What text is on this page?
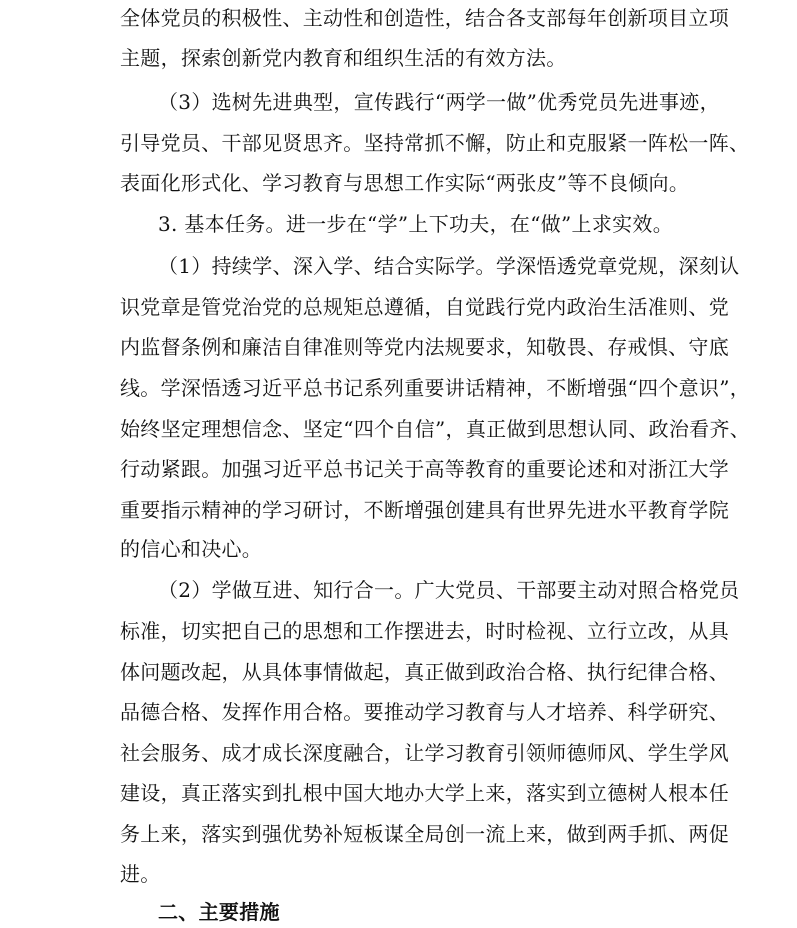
全体党员的积极性、主动性和创造性，结合各支部每年创新项目立项
主题，探索创新党内教育和组织生活的有效方法。
（3）选树先进典型，宣传践行“两学一做”优秀党员先进事迹，
引导党员、干部见贤思齐。坚持常抓不懈，防止和克服紧一阵松一阵、
表面化形式化、学习教育与思想工作实际“两张皮”等不良倾向。
3. 基本任务。进一步在“学”上下功夫，在“做”上求实效。
（1）持续学、深入学、结合实际学。学深悟透党章党规，深刻认
识党章是管党治党的总规矩总遵循，自觉践行党内政治生活准则、党
内监督条例和廉洁自律准则等党内法规要求，知敬畏、存戒惧、守底
线。学深悟透习近平总书记系列重要讲话精神，不断增强“四个意识”，
始终坚定理想信念、坚定“四个自信”，真正做到思想认同、政治看齐、
行动紧跟。加强习近平总书记关于高等教育的重要论述和对浙江大学
重要指示精神的学习研讨，不断增强创建具有世界先进水平教育学院
的信心和决心。
（2）学做互进、知行合一。广大党员、干部要主动对照合格党员
标准，切实把自己的思想和工作摆进去，时时检视、立行立改，从具
体问题改起，从具体事情做起，真正做到政治合格、执行纪律合格、
品德合格、发挥作用合格。要推动学习教育与人才培养、科学研究、
社会服务、成才成长深度融合，让学习教育引领师德师风、学生学风
建设，真正落实到扎根中国大地办大学上来，落实到立德树人根本任
务上来，落实到强优势补短板谋全局创一流上来，做到两手抓、两促
进。
二、主要措施
